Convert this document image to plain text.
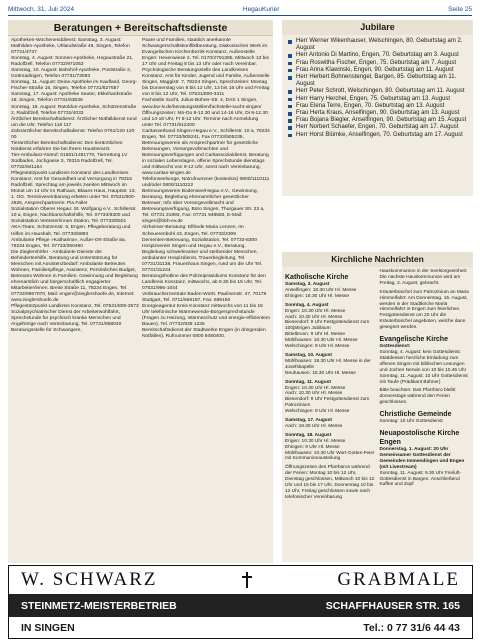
Mittwoch, 31. Juli 2024	HegauKurier	Seite 25
Beratungen + Bereitschaftsdienste

Apotheken-Wochenenddienst: Samstag, 3. August: Mathilden-Apotheke, Uhlandstraße 48, Singen, Telefon 07731/4737

Sonntag, 4. August: Sonnen-Apotheke, Hegaustraße 21, Radolfzell, Telefon 07732/971053

Samstag, 10. August: Bahnhof-Apotheke, Poststraße 2, Gottmadingen, Telefon 07731/73093

Sonntag, 11. August: Deine Apotheke im Kaufland, Georg-Fischer-Straße 15, Singen, Telefon 07731/827657

Samstag, 17. August: Apotheke Sauter, Ekkehardstraße 18, Singen, Telefon 07731/63036

Sonntag, 18. August: Ratoldus-Apotheke, Schützenstraße 2, Radolfzell, Telefon 07732/4033

Ärztlicher Bereitschaftsdienst: Ärztlicher Notfalldienst rund um die Uhr, Telefon 116 117

Zahnärztlicher Bereitschaftsdienst: Telefon 0761/120 120 00

Tierärztlicher Bereitschaftsdienst: Den tierärztlichen Notdienst erfahren Sie bei Ihrem Haustierarzt.

Tier-Ambulanz-Notruf: 01601/1481770, Tierrettung LV Südbaden, Jochgasse 3, 78315 Radolfzell, Tel. 07732/941164

Pflegestützpunkt Landkreis Konstanz des Landkreises Konstanz, Amt für Gesundheit und Versorgung in 78315 Radolfzell. Sprechtag am jeweils zweiten Mittwoch im Monat um 14 Uhr im Rathaus, Blaues Haus, Hauptstr. 13, 1. OG. Terminvereinbarung erbeten unter Tel. 07531/800-2626, Ansprechpartnerin: Pia Faller

Sozialstation Oberer Hegau: St. Wolfgang e.V., Schillerstr. 10 a, Engen, Nachbarschaftshilfe, Tel. 07733/8300 und Sozialstation Vertreter/innen Station, Tel. 07733/5501

AKA-Team, Schützenstr. 6, Engen, Pflegeberatung und Hilfen im Haushalt, Tel. 07733/6893

Ambulante Pflege »Katharina«, Außer-Ort-Straße 8a, 78234 Engen, Tel. 07733/360490

Die Zieglershöfer - Ambulante Dienste der Behindertenhilfe, Beratung und Unterstützung für Menschen mit Assistenzbedarf: Ambulante Betreutes Wohnen, Familienpflege, Assistenz, Persönliches Budget, Betreutes Wohnen in Familien. Gewinnung und Begleitung ehrenamtlich und bürgerschaftlich engagierter Mitarbeiter/innen. Breite Straße 11, 78234 Engen, Tel. 07733/9967070, Mail: engen@zieglershoefe.de, Internet: www.zieglershoefe.de

Pflegestützpunkt Landkreis Konstanz, Tel. 07531/800-2573

Sozialpsychiatrischer Dienst der Arbeiterwohlfahrt, Sprechstunde für psychisch kranke Menschen und Angehörige nach Vereinbarung, Tel. 07731/958040

Beratungsstelle für Schwangere,

Paare und Familien, staatlich anerkannte Schwangerschaftskonfliktberatung, Diakonisches Werk im Evangelischen Kirchenbezirk Konstanz, Außenstelle Engen: Hexenwiese 2, Tel. 0170/2791385, Mittwoch 13 bis 17 Uhr und Freitag 8 bis 13 Uhr oder nach Vereinbar.

Psychologische Beratungsstelle des Landkreises Konstanz, Amt für Kinder, Jugend und Familie, Außenstelle Singen, Maggistr. 7, 78224 Singen, Sprechzeiten: Montag bis Donnerstag von 8 bis 12 Uhr, 13 bis 16 Uhr und Freitag von 8 bis 12 Uhr, Tel. 07531/800-3311

Fachstelle Sucht, Julius-Bührer-Str. 4, DAS 1 Singen, www.bw-lv.de/beratungsstellen/fachstelle-sucht-singen/ Öffnungszeiten: Mo-Do 8-12.30 und 14-16 Uhr, Di 8-12.30 und 14-18 Uhr, Fr 8-12 Uhr. Termine nach Anmeldung unter Tel. 07731/912400

Caritasverband Singen-Hegau e.V., Schillerstr. 10 a, 78234 Engen, Tel. 07733/505241, Fax 07733/505235, Betreuungsverein als Ansprechpartner für gesetzliche Betreuungen, Vorsorgevollmachten und Betreuungsverfügungen und Caritassozialdienst, Beratung in sozialen Lebenslagen, offene Sprechstunde dienstags und mittwochs von 9-12 Uhr, sonst nach Vereinbarung, www.caritas-singen.de

Telefonseelsorge, Notrufnummer (kostenlos) 0800/1110111 und/oder 0800/1110222

Betreuungsverein Bodensee/Hegau e.V., Gewinnung, Beratung, Begleitung ehrenamtlicher gesetzlicher Betreuer, Info über Vorsorgevollmacht und Betreuungsverfügung, Büro Singen, Thurgauer Str. 23 a, Tel. 07731 31893, Fax: 07731 948583, E-Mail: singen@bbh-ev.de

Alzheimer-Beratung: Elfriede Maria Lenzen, Im Scheuerenbohl 43, Engen, Tel. 07733/2309

Dementen-Betreuung, Sozialstation, Tel. 07733-8300

Hospizverein Singen und Hegau e.V., Beratung, Begleitung schwerkranker und sterbender Menschen, ambulanter Hospizdienst, Trauerbegleitung, Tel. 07731/31138, Frauenhaus Singen, rund um die Uhr Tel. 07731/31244

Beratungshotline des Polizeipräsidiums Konstanz für den Landkreis Konstanz, mittwochs, ab 9.30 bis 15 Uhr, Tel. 07531/995-1044

Verbraucherzentrale Baden-Württ. Paulinenstr. 47, 70178 Stuttgart, Tel. 0711/669187, Fax: 669150

Energieagentur Kreis Konstanz mittwochs von 11 bis 15 Uhr telefonische Wärmewende-Bürgersprechstunde (Fragen zu Heizung, Wärmeschutz und energie-effizientem Bauen), Tel. 07732/939 1236

Bereitschaftsdienst der Stadtwerke Engen (in dringenden Notfällen), Rufnummer 0800 9480400.

Jubilare
Herr Werner Wikenhauser, Welschingen, 80. Geburtstag am 2. August
Herr Antonio Di Martino, Engen, 70. Geburtstag am 3. August
Frau Roswitha Fischer, Engen, 75. Geburtstag am 7. August
Frau Anna Klawinski, Engen, 90. Geburtstag am 11. August
Herr Herbert Bohnenstengel, Bargen, 85. Geburtstag am 11. August
Herr Peter Schrott, Welschingen, 80. Geburtstag am 11. August
Herr Harry Herchel, Engen, 75. Geburtstag am 13. August
Frau Elena Terre, Engen, 70. Geburtstag am 13. August
Frau Herta Kraus, Anselfingen, 90. Geburtstag am 13. August
Frau Bojana Biegler, Anselfingen, 90. Geburtstag am 15. August
Herr Norbert Schaefer, Engen, 70. Geburtstag am 17. August
Herr Horst Blümke, Anselfingen, 70. Geburtstag am 17. August
Kirchliche Nachrichten
Katholische Kirche

Samstag, 3. August
Anselfingen: 18.30 Uhr Hl. Messe
Ehingen: 18.30 Uhr Hl. Messe

Sonntag, 4. August
Engen: 10.30 Uhr Hl. Messe
Aach: 10.30 Uhr Hl. Messe
Biesendorf: 9 Uhr Festgottesdienst zum 100jährigen Jubiläum
Bittelbrunn: 9 Uhr Hl. Messe
Mühlhausen: 10.30 Uhr Hl. Messe
Welschingen: 9 Uhr Hl. Messe

Samstag, 10. August
Mühlhausen: 18.30 Uhr Hl. Messe in der Josefskapelle
Neuhausen: 18.30 Uhr Hl. Messe

Sonntag, 11. August
Engen: 10.30 Uhr Hl. Messe
Aach: 10.30 Uhr Hl. Messe
Biesendorf: 9 Uhr Festgottesdienst zum Patrozinium
Welschingen: 9 Uhr Hl. Messe

Samstag, 17. August
Aach: 18.30 Uhr Hl. Messe

Sonntag, 18. August
Engen: 10.30 Uhr Hl. Messe
Ehingen: 9 Uhr Hl. Messe
Mühlhausen: 10.30 Uhr Wort-Gottes-Feier mit Kommunionausteilung

Öffnungszeiten des Pfarrbüros während der Ferien: Montag 10 bis 12 Uhr, Dienstag geschlossen, Mittwoch 10 bis 12 Uhr und 15 bis 17 Uhr, Donnerstag 10 bis 12 Uhr, Freitag geschlossen sowie nach telefonischer Vereinbarung

Hauskommunion in der Seelsorgeeinheit: Die nächste Hauskommunion wird am Freitag, 2. August, gebracht.

Kräuterbüschel zum Patrozinium an Maria Himmelfahrt: Am Donnerstag, 15. August, werden in der Stadtkirche Mariä Himmelfahrt in Engen zum feierlichen Festgottesdienst um 20 Uhr die Kräuterbüschel angeboten, welche dann gesegnet werden.

Evangelische Kirche

Gottesdienst:
Sonntag, 4. August: kein Gottesdienst. Stattdessen herzliche Einladung zum offenen Singen mit biblischen Lesungen und Jochen Nerwin von 10 bis 10.45 Uhr
Sonntag, 11. August: 10 Uhr Gottesdienst mit Taufe (Prädikant Bühner)

Bitte beachten: Das Pfarrbüro bleibt donnerstags während den Ferien geschlossen.

Christliche Gemeinde

Sonntag: 10 Uhr Gottesdienst

Neuapostolische Kirche Engen

Donnerstag, 1. August: 20 Uhr Gemeinsamer Gottesdienst der Gemeinden Immendingen und Engen (mit Livestream)
Sonntag, 11. August: 9.30 Uhr Freiluft-Gottesdienst in Bargen. Anschließend Kaffee und Zopf

W. SCHWARZ	GRABMALE
STEINMETZ-MEISTERBETRIEB	SCHAFFHAUSER STR. 165
IN SINGEN	Tel.: 0 77 31/6 44 43
